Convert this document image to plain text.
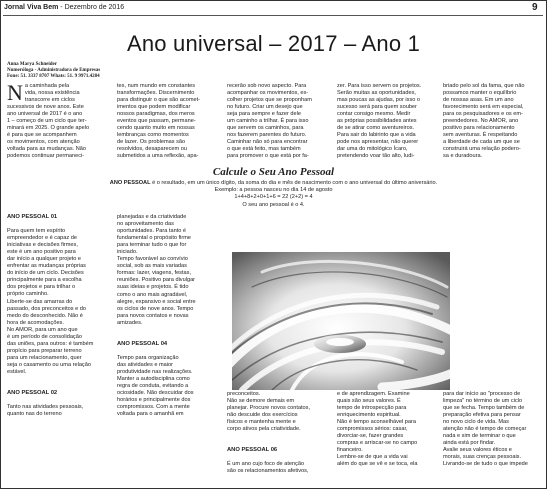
Jornal Viva Bem - Dezembro de 2016	9
Ano universal – 2017 – Ano 1
Anna Marya Schneider
Numeróloga - Administradora de Empresas
Fone: 51. 3337 8707 Whats: 51. 9 9971.4284
N a caminhada pela
vida, nossa existência
transcorre em ciclos
sucessivos de nove anos. Este
ano universal de 2017 é o ano
1 – começo de um ciclo que ter-
minará em 2025. O grande apelo
é para que se acompanhem
os movimentos, com atenção
voltada para as mudanças. Não
podemos continuar permaneci-
tes, num mundo em constantes
transformações. Discernimento
para distinguir o que são acomet-
imentos que podem modificar
nossos paradigmas, dos meros
eventos que passam, permane-
cendo quanto muito em nossas
lembranças como momentos
de lazer. Os problemas são
resolvidos, desaparecem ou
submetidos a uma reflexão, apa-
recerão sob novo aspecto. Para
acompanhar os movimentos, es-
colher projetos que se proponham
no futuro. Criar um desejo que
seja para sempre e fazer dele
um caminho a trilhar. É para isso
que servem os caminhos, para
nos fazerem parentes do futuro.
Caminhar não só para encontrar
o que está feito, mas também
para promover o que está por fa-
zer. Para isso servem os projetos.
Serão muitas as oportunidades,
mas poucas as ajudas, por isso o
sucesso será para quem souber
contar consigo mesmo. Medir
as próprias possibilidades antes
de se atirar como aventureiros.
Para sair do labirinto que a vida
pode nos apresentar, não querer
dar uma do mitológico Ícaro,
pretendendo voar tão alto, ludi-
briado pelo sol da fama, que não
possamos manter o equilíbrio
de nossas asas. Em um ano
favorecimento será em especial,
para os pesquisadores e os em-
preendedores. No AMOR, ano
positivo para relacionamento
sem aventuras. É respeitando
a liberdade de cada um que se
construirá uma relação podero-
sa e duradoura.
Calcule o Seu Ano Pessoal
ANO PESSOAL é o resultado, em um único dígito, da soma do dia e mês de nascimento com o ano universal do último aniversário.
Exemplo: a pessoa nasceu no dia 14 de agosto
1+4+8+2+0+1+6 = 22 (2+2) = 4
O seu ano pessoal é o 4.
ANO PESSOAL 01
Para quem tem espírito
empreendedor e é capaz de
iniciativas e decisões firmes,
este é um ano positivo para
dar início a qualquer projeto e
enfrentar as mudanças próprias
do início de um ciclo. Decisões
principalmente para a escolha
dos projetos e para trilhar o
próprio caminho.
Liberte-se das amarras do
passado, dos preconceitos e do
medo do desconhecido. Não é
hora de acomodações.
No AMOR, para um ano que
é um período de consolidação
das uniões, para outros: é também
propício para preparar terreno
para um relacionamento, quer
seja o casamento ou uma relação
estável.
ANO PESSOAL 02
Tanto nas atividades pessoais,
quanto nas do terreno
planejadas e da criatividade
no aproveitamento das
oportunidades. Para tanto é
fundamental o propósito firme
para terminar tudo o que for
iniciado.
Tempo favorável ao convívio
social, sob as mais variadas
formas: lazer, viagens, festas,
reuniões. Positivo para divulgar
suas ideias e projetos. É tido
como o ano mais agradável,
alegre, expansivo e social entre
os ciclos de nove anos. Tempo
para novos contatos e novas
amizades.
ANO PESSOAL 04
Tempo para organização
das atividades e maior
produtividade nas realizações.
Manter a autodisciplina como
regra de conduta, evitando a
ociosidade. Não descuidar dos
horários e principalmente dos
compromissos. Com a mente
voltada para o amanhã em
preconceitos.
Não se demore demais em
planejar. Procure novos contatos,
não descuide dos exercícios
físicos e mantenha mente e
corpo ativos pela criatividade.
ANO PESSOAL 06
É um ano cujo foco de atenção
são os relacionamentos afetivos,
e de aprendizagem. Examine
quais são seus valores. É
tempo de introspecção para
enriquecimento espiritual.
Não é tempo aconselhável para
compromissos sérios: casar,
divorciar-se, fazer grandes
compras e arriscar-se no campo
financeiro.
Lembre-se de que a vida vai
além do que se vê e se toca, ela
para dar início ao "processo de
limpeza" no término de um ciclo
que se fecha. Tempo também de
preparação efetiva para pensar
no novo ciclo de vida. Mas
atenção não é tempo de começar
nada e sim de terminar o que
ainda está por findar.
Avalie seus valores éticos e
morais, suas crenças pessoais.
Livrando-se de tudo o que impede
